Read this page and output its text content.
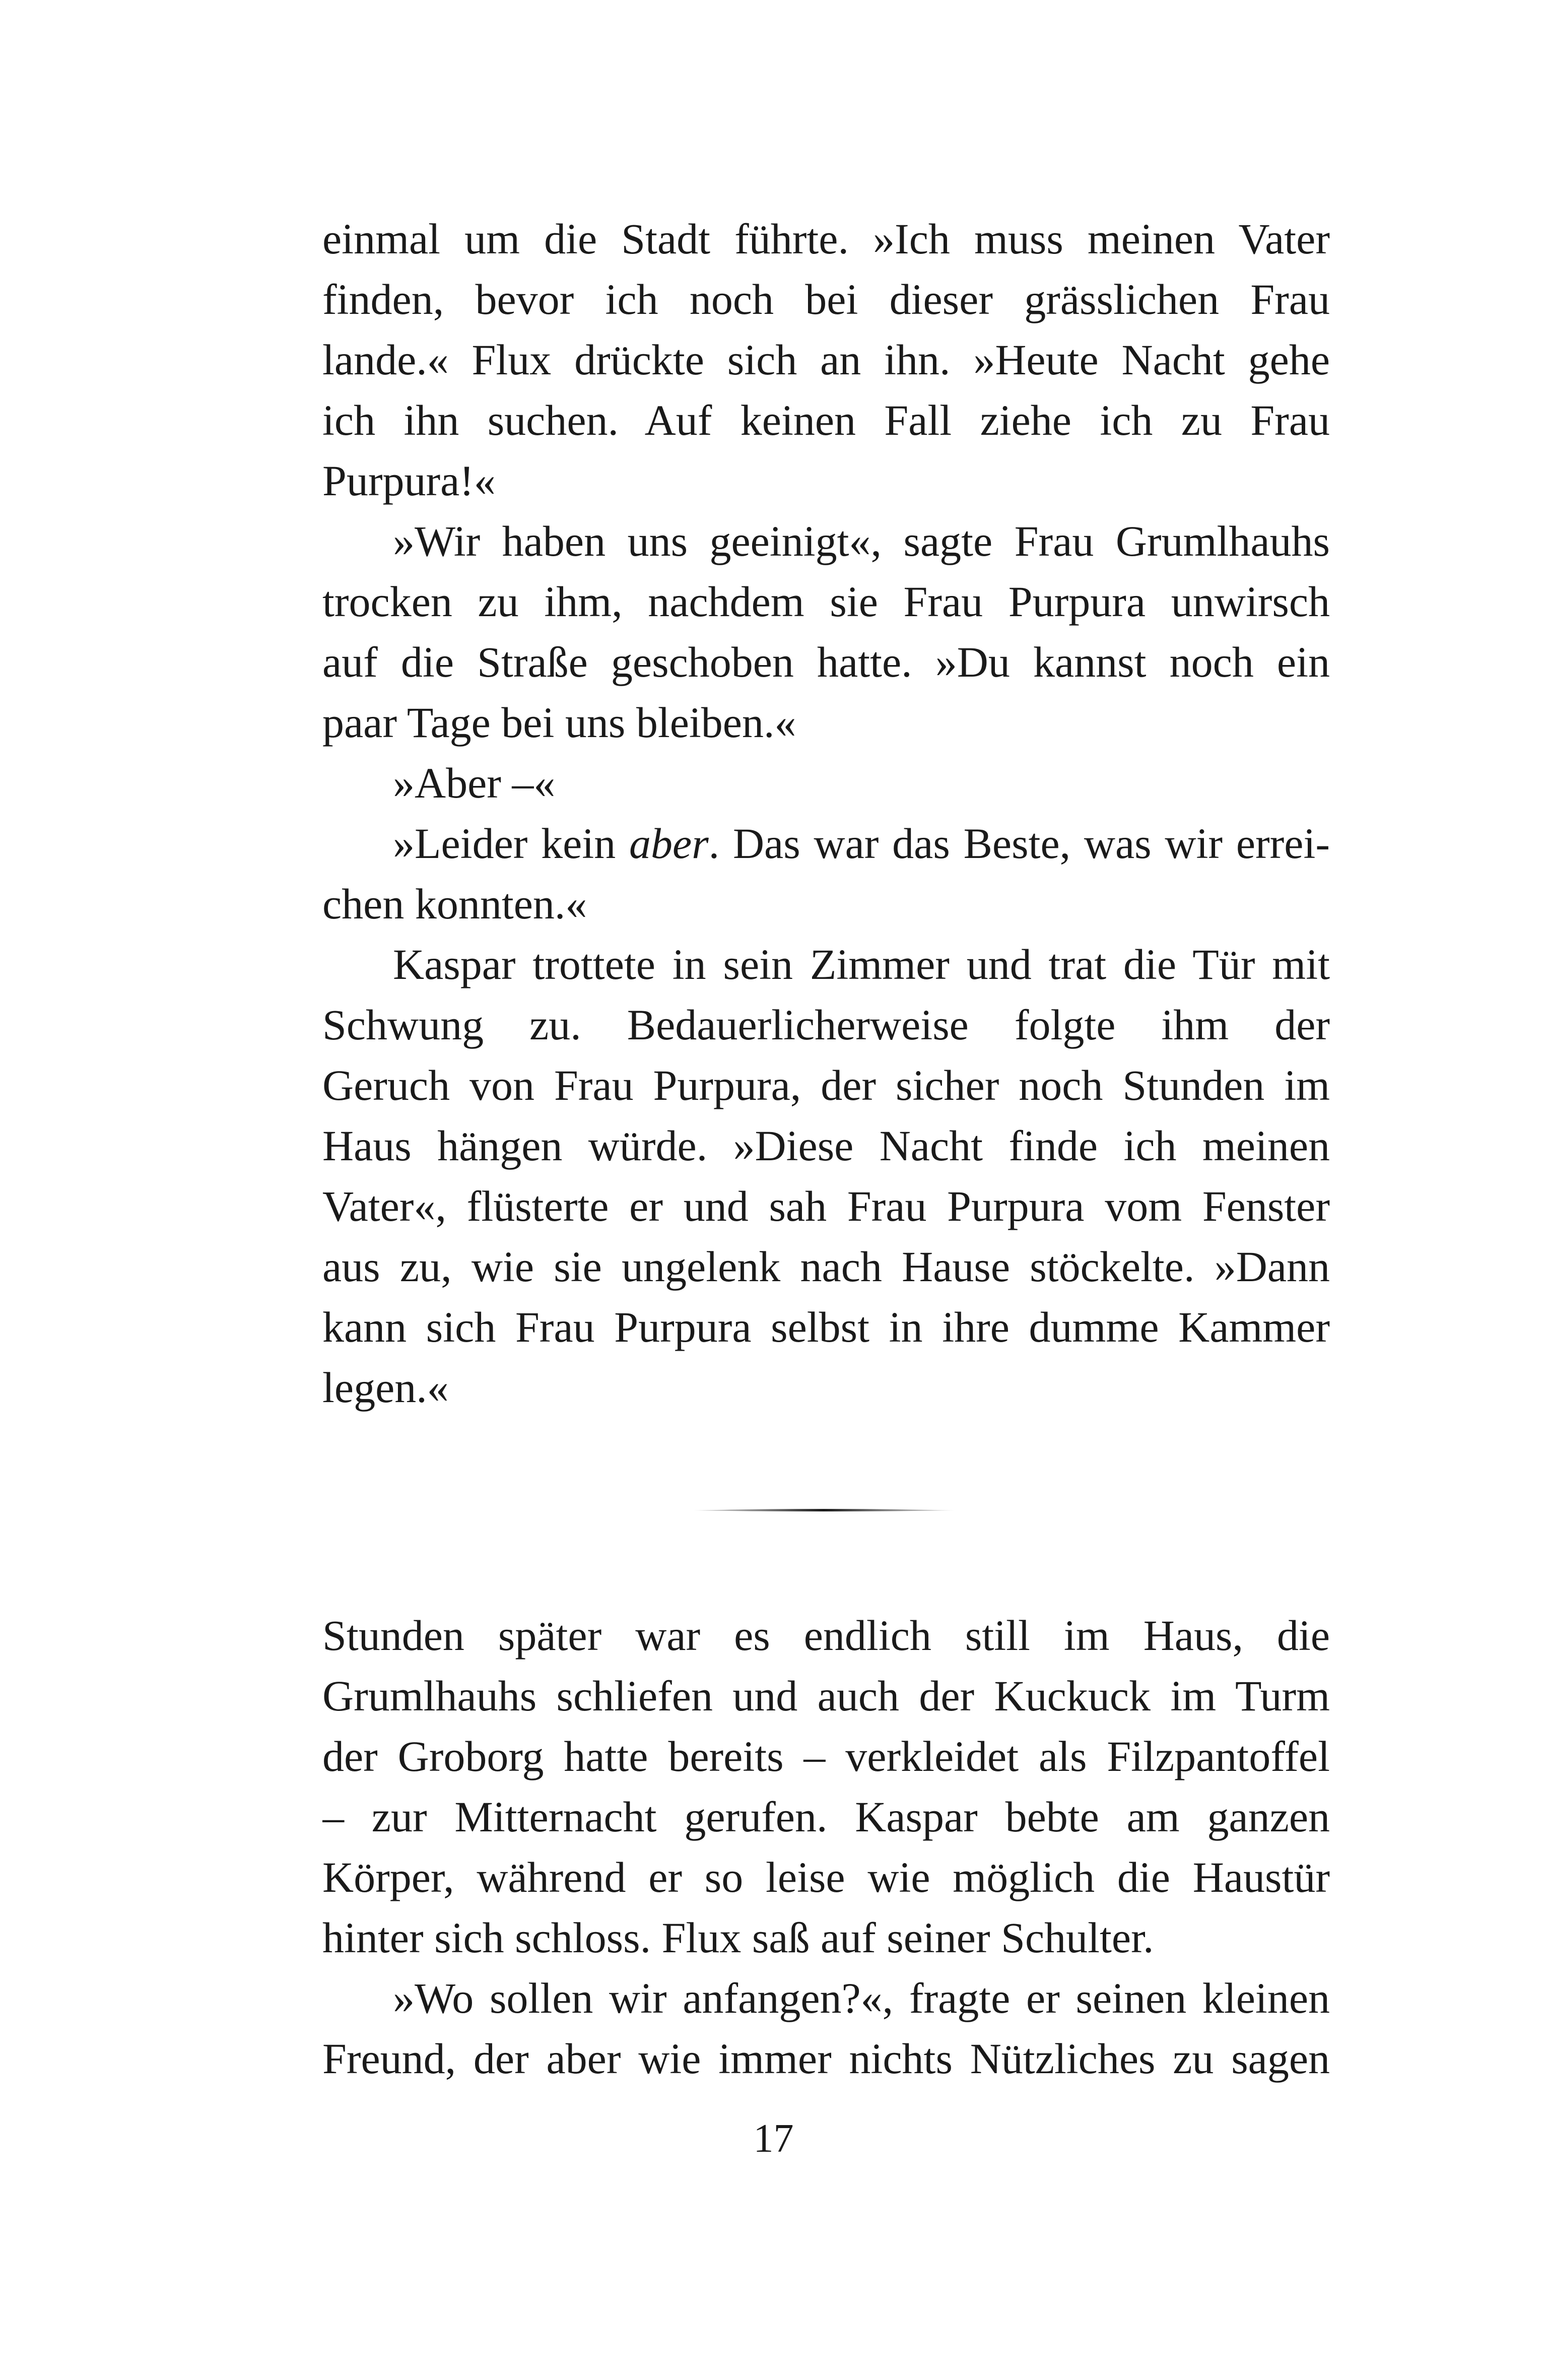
einmal um die Stadt führte. »Ich muss meinen Vater
finden, bevor ich noch bei dieser grässlichen Frau
lande.« Flux drückte sich an ihn. »Heute Nacht gehe
ich ihn suchen. Auf keinen Fall ziehe ich zu Frau
Purpura!«
»Wir haben uns geeinigt«, sagte Frau Grumlhauhs
trocken zu ihm, nachdem sie Frau Purpura unwirsch
auf die Straße geschoben hatte. »Du kannst noch ein
paar Tage bei uns bleiben.«
»Aber –«
»Leider kein aber. Das war das Beste, was wir errei-
chen konnten.«
Kaspar trottete in sein Zimmer und trat die Tür mit
Schwung zu. Bedauerlicherweise folgte ihm der
Geruch von Frau Purpura, der sicher noch Stunden im
Haus hängen würde. »Diese Nacht finde ich meinen
Vater«, flüsterte er und sah Frau Purpura vom Fenster
aus zu, wie sie ungelenk nach Hause stöckelte. »Dann
kann sich Frau Purpura selbst in ihre dumme Kammer
legen.«
Stunden später war es endlich still im Haus, die
Grumlhauhs schliefen und auch der Kuckuck im Turm
der Groborg hatte bereits – verkleidet als Filzpantoffel
– zur Mitternacht gerufen. Kaspar bebte am ganzen
Körper, während er so leise wie möglich die Haustür
hinter sich schloss. Flux saß auf seiner Schulter.
»Wo sollen wir anfangen?«, fragte er seinen kleinen
Freund, der aber wie immer nichts Nützliches zu sagen
17
